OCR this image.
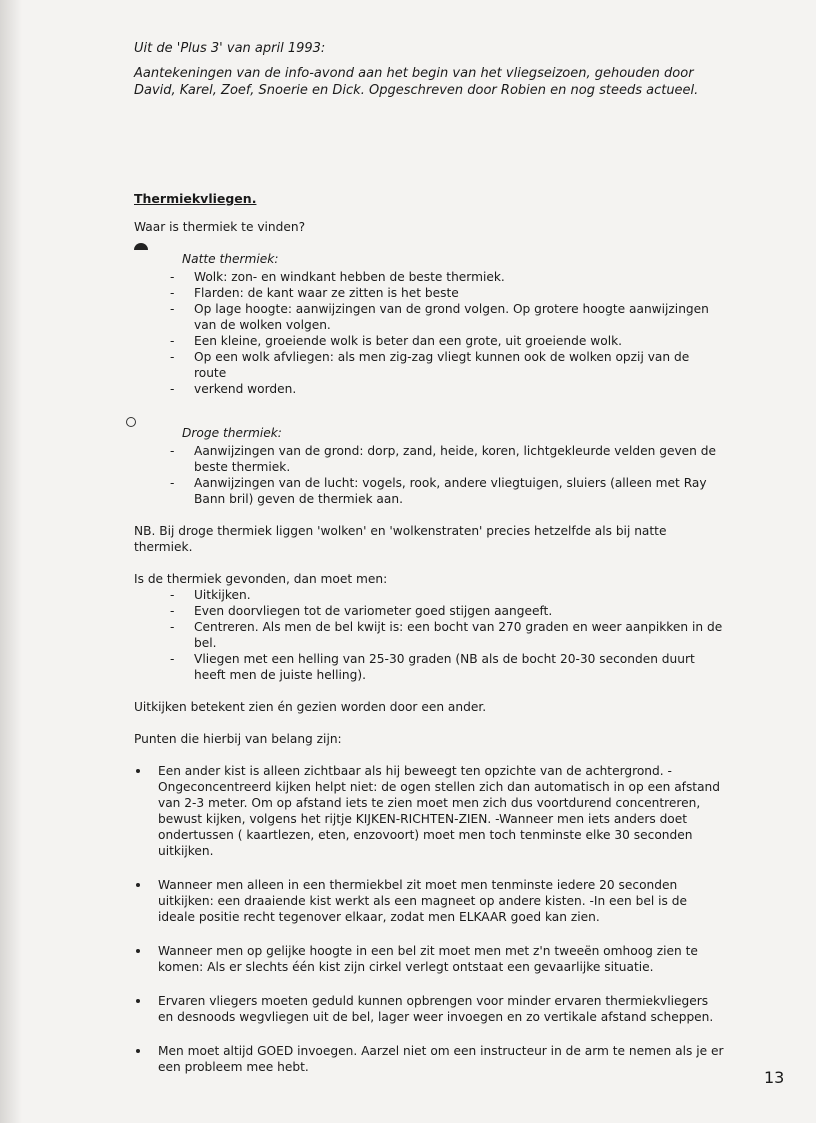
Uit de 'Plus 3' van april 1993:

Aantekeningen van de info-avond aan het begin van het vliegseizoen, gehouden door David, Karel, Zoef, Snoerie en Dick. Opgeschreven door Robien en nog steeds actueel.

Thermiekvliegen.

Waar is thermiek te vinden?

Natte thermiek:

- Wolk: zon- en windkant hebben de beste thermiek.
- Flarden: de kant waar ze zitten is het beste
- Op lage hoogte: aanwijzingen van de grond volgen. Op grotere hoogte aanwijzingen van de wolken volgen.
- Een kleine, groeiende wolk is beter dan een grote, uit groeiende wolk.
- Op een wolk afvliegen: als men zig-zag vliegt kunnen ook de wolken opzij van de route
- verkend worden.

Droge thermiek:

- Aanwijzingen van de grond: dorp, zand, heide, koren, lichtgekleurde velden geven de beste thermiek.
- Aanwijzingen van de lucht: vogels, rook, andere vliegtuigen, sluiers (alleen met Ray Bann bril) geven de thermiek aan.

NB. Bij droge thermiek liggen 'wolken' en 'wolkenstraten' precies hetzelfde als bij natte thermiek.

Is de thermiek gevonden, dan moet men:

- Uitkijken.
- Even doorvliegen tot de variometer goed stijgen aangeeft.
- Centreren. Als men de bel kwijt is: een bocht van 270 graden en weer aanpikken in de bel.
- Vliegen met een helling van 25-30 graden (NB als de bocht 20-30 seconden duurt heeft men de juiste helling).

Uitkijken betekent zien én gezien worden door een ander.

Punten die hierbij van belang zijn:

Een ander kist is alleen zichtbaar als hij beweegt ten opzichte van de achtergrond. -Ongeconcentreerd kijken helpt niet: de ogen stellen zich dan automatisch in op een afstand van 2-3 meter. Om op afstand iets te zien moet men zich dus voortdurend concentreren, bewust kijken, volgens het rijtje KIJKEN-RICHTEN-ZIEN. -Wanneer men iets anders doet ondertussen ( kaartlezen, eten, enzovoort) moet men toch tenminste elke 30 seconden uitkijken.
Wanneer men alleen in een thermiekbel zit moet men tenminste iedere 20 seconden uitkijken: een draaiende kist werkt als een magneet op andere kisten. -In een bel is de ideale positie recht tegenover elkaar, zodat men ELKAAR goed kan zien.
Wanneer men op gelijke hoogte in een bel zit moet men met z'n tweeën omhoog zien te komen: Als er slechts één kist zijn cirkel verlegt ontstaat een gevaarlijke situatie.
Ervaren vliegers moeten geduld kunnen opbrengen voor minder ervaren thermiekvliegers en desnoods wegvliegen uit de bel, lager weer invoegen en zo vertikale afstand scheppen.
Men moet altijd GOED invoegen. Aarzel niet om een instructeur in de arm te nemen als je er een probleem mee hebt.
13
